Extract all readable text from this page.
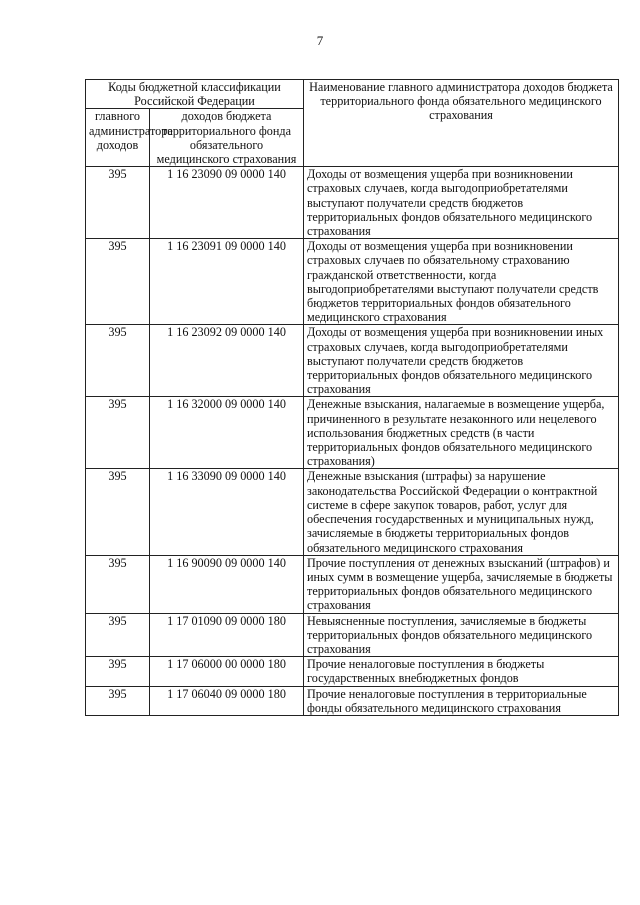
7
Коды бюджетной классификации Российской Федерации		Наименование главного администратора доходов бюджета территориального фонда обязательного медицинского страхования
главного администратора доходов	доходов бюджета территориального фонда обязательного медицинского страхования	
395	1 16 23090 09 0000 140	Доходы от возмещения ущерба при возникновении страховых случаев, когда выгодоприобретателями выступают получатели средств бюджетов территориальных фондов обязательного медицинского страхования
395	1 16 23091 09 0000 140	Доходы от возмещения ущерба при возникновении страховых случаев по обязательному страхованию гражданской ответственности, когда выгодоприобретателями выступают получатели средств бюджетов территориальных фондов обязательного медицинского страхования
395	1 16 23092 09 0000 140	Доходы от возмещения ущерба при возникновении иных страховых случаев, когда выгодоприобретателями выступают получатели средств бюджетов территориальных фондов обязательного медицинского страхования
395	1 16 32000 09 0000 140	Денежные взыскания, налагаемые в возмещение ущерба, причиненного в результате незаконного или нецелевого использования бюджетных средств (в части территориальных фондов обязательного медицинского страхования)
395	1 16 33090 09 0000 140	Денежные взыскания (штрафы) за нарушение законодательства Российской Федерации о контрактной системе в сфере закупок товаров, работ, услуг для обеспечения государственных и муниципальных нужд, зачисляемые в бюджеты территориальных фондов обязательного медицинского страхования
395	1 16 90090 09 0000 140	Прочие поступления от денежных взысканий (штрафов) и иных сумм в возмещение ущерба, зачисляемые в бюджеты территориальных фондов обязательного медицинского страхования
395	1 17 01090 09 0000 180	Невыясненные поступления, зачисляемые в бюджеты территориальных фондов обязательного медицинского страхования
395	1 17 06000 00 0000 180	Прочие неналоговые поступления в бюджеты государственных внебюджетных фондов
395	1 17 06040 09 0000 180	Прочие неналоговые поступления в территориальные фонды обязательного медицинского страхования
